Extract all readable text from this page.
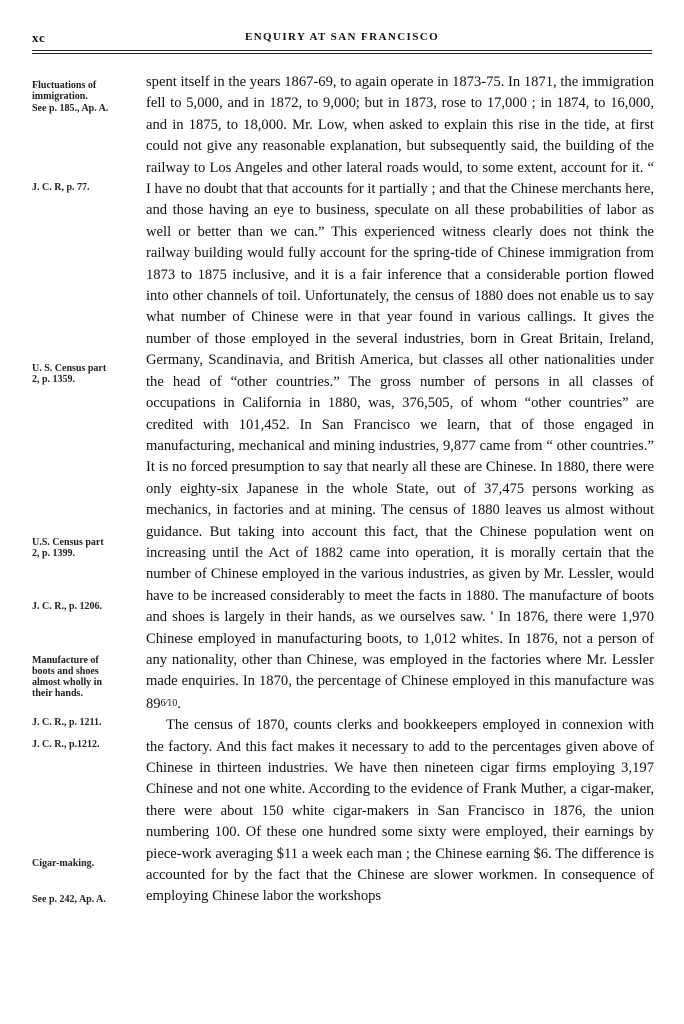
xc	ENQUIRY AT SAN FRANCISCO
Fluctuations of
immigration.
See p. 185., Ap. A.
J. C. R, p. 77.
U. S. Census part
2, p. 1359.
U.S. Census part
2, p. 1399.
J. C. R., p. 1206.
Manufacture of
boots and shoes
almost wholly in
their hands.
J. C. R., p. 1211.
J. C. R., p.1212.
Cigar-making.
See p. 242, Ap. A.

spent itself in the years 1867-69, to again operate in 1873-75. In 1871, the immigration fell to 5,000, and in 1872, to 9,000; but in 1873, rose to 17,000 ; in 1874, to 16,000, and in 1875, to 18,000. Mr. Low, when asked to explain this rise in the tide, at first could not give any reasonable explanation, but subsequently said, the building of the railway to Los Angeles and other lateral roads would, to some extent, account for it. “ I have no doubt that that accounts for it partially ; and that the Chinese merchants here, and those having an eye to business, speculate on all these probabilities of labor as well or better than we can.” This experienced witness clearly does not think the railway building would fully account for the spring-tide of Chinese immigration from 1873 to 1875 inclusive, and it is a fair inference that a considerable portion flowed into other channels of toil. Unfortunately, the census of 1880 does not enable us to say what number of Chinese were in that year found in various callings. It gives the number of those employed in the several industries, born in Great Britain, Ireland, Germany, Scandinavia, and British America, but classes all other nationalities under the head of “other countries.” The gross number of persons in all classes of occupations in California in 1880, was, 376,505, of whom “other countries” are credited with 101,452. In San Francisco we learn, that of those engaged in manufacturing, mechanical and mining industries, 9,877 came from “ other countries.” It is no forced presumption to say that nearly all these are Chinese. In 1880, there were only eighty-six Japanese in the whole State, out of 37,475 persons working as mechanics, in factories and at mining. The census of 1880 leaves us almost without guidance. But taking into account this fact, that the Chinese population went on increasing until the Act of 1882 came into operation, it is morally certain that the number of Chinese employed in the various industries, as given by Mr. Lessler, would have to be increased considerably to meet the facts in 1880. The manufacture of boots and shoes is largely in their hands, as we ourselves saw. ' In 1876, there were 1,970 Chinese employed in manufacturing boots, to 1,012 whites. In 1876, not a person of any nationality, other than Chinese, was employed in the factories where Mr. Lessler made enquiries. In 1870, the percentage of Chinese employed in this manufacture was 896⁄10.

The census of 1870, counts clerks and bookkeepers employed in connexion with the factory. And this fact makes it necessary to add to the percentages given above of Chinese in thirteen industries. We have then nineteen cigar firms employing 3,197 Chinese and not one white. According to the evidence of Frank Muther, a cigar-maker, there were about 150 white cigar-makers in San Francisco in 1876, the union numbering 100. Of these one hundred some sixty were employed, their earnings by piece-work averaging $11 a week each man ; the Chinese earning $6. The difference is accounted for by the fact that the Chinese are slower workmen. In consequence of employing Chinese labor the workshops
